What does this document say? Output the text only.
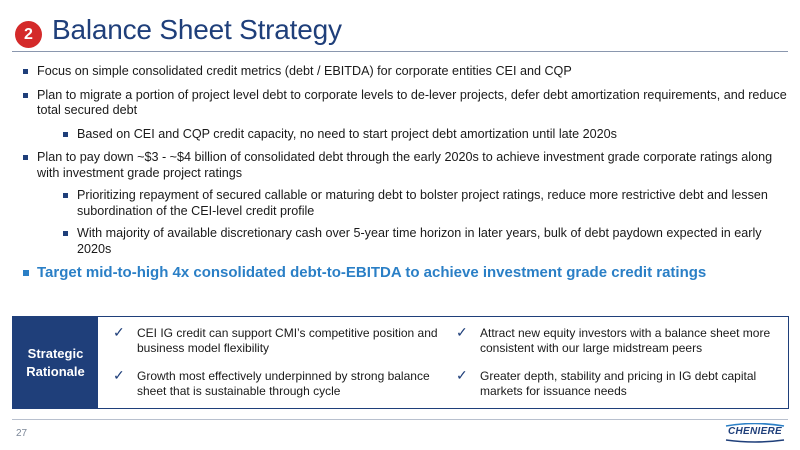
2 Balance Sheet Strategy
Focus on simple consolidated credit metrics (debt / EBITDA) for corporate entities CEI and CQP
Plan to migrate a portion of project level debt to corporate levels to de-lever projects, defer debt amortization requirements, and reduce total secured debt
Based on CEI and CQP credit capacity, no need to start project debt amortization until late 2020s
Plan to pay down ~$3 - ~$4 billion of consolidated debt through the early 2020s to achieve investment grade corporate ratings along with investment grade project ratings
Prioritizing repayment of secured callable or maturing debt to bolster project ratings, reduce more restrictive debt and lessen subordination of the CEI-level credit profile
With majority of available discretionary cash over 5-year time horizon in later years, bulk of debt paydown expected in early 2020s
Target mid-to-high 4x consolidated debt-to-EBITDA to achieve investment grade credit ratings
Strategic Rationale
✓	CEI IG credit can support CMI’s competitive position and business model flexibility
✓	Growth most effectively underpinned by strong balance sheet that is sustainable through cycle
✓	Attract new equity investors with a balance sheet more consistent with our large midstream peers
✓	Greater depth, stability and pricing in IG debt capital markets for issuance needs
27	CHENIERE
